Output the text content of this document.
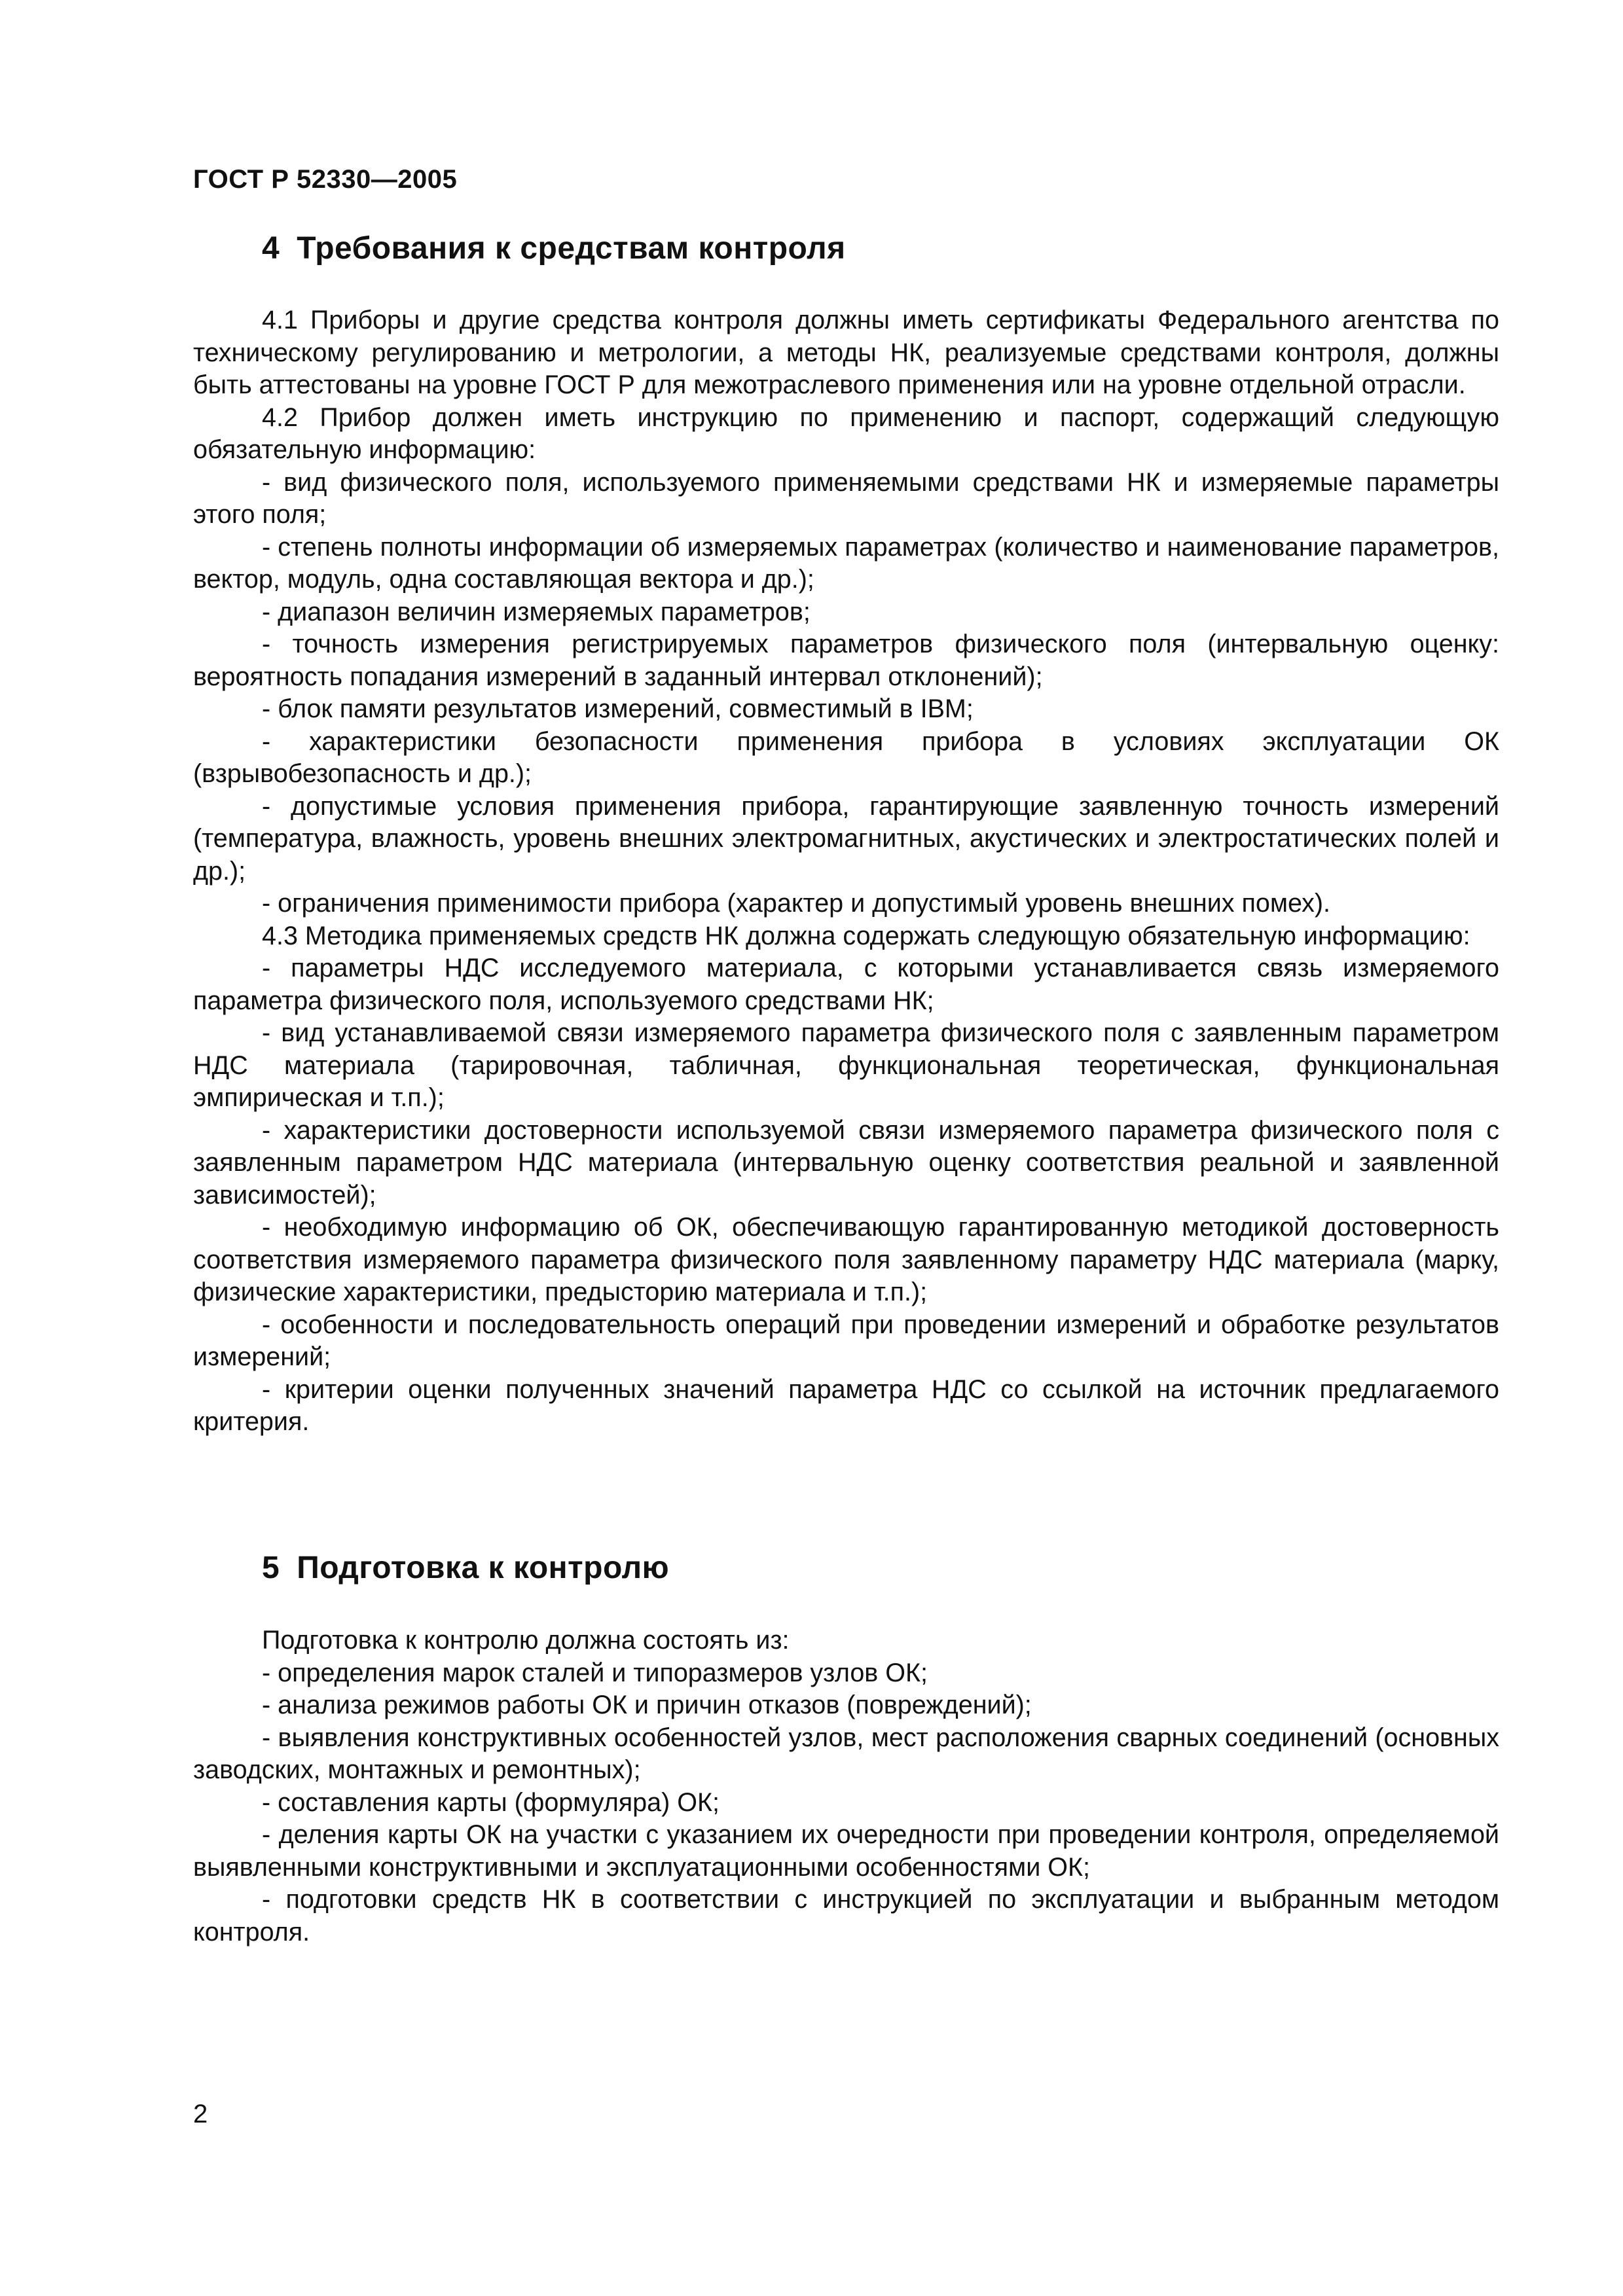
ГОСТ Р 52330—2005
4 Требования к средствам контроля

4.1 Приборы и другие средства контроля должны иметь сертификаты Федерального агентства по техническому регулированию и метрологии, а методы НК, реализуемые средствами контроля, должны быть аттестованы на уровне ГОСТ Р для межотраслевого применения или на уровне отдельной отрасли.

4.2 Прибор должен иметь инструкцию по применению и паспорт, содержащий следующую обязательную информацию:

- вид физического поля, используемого применяемыми средствами НК и измеряемые параметры этого поля;

- степень полноты информации об измеряемых параметрах (количество и наименование параметров, вектор, модуль, одна составляющая вектора и др.);

- диапазон величин измеряемых параметров;

- точность измерения регистрируемых параметров физического поля (интервальную оценку: вероятность попадания измерений в заданный интервал отклонений);

- блок памяти результатов измерений, совместимый в IBM;

- характеристики безопасности применения прибора в условиях эксплуатации ОК (взрывобезопасность и др.);

- допустимые условия применения прибора, гарантирующие заявленную точность измерений (температура, влажность, уровень внешних электромагнитных, акустических и электростатических полей и др.);

- ограничения применимости прибора (характер и допустимый уровень внешних помех).

4.3 Методика применяемых средств НК должна содержать следующую обязательную информацию:

- параметры НДС исследуемого материала, с которыми устанавливается связь измеряемого параметра физического поля, используемого средствами НК;

- вид устанавливаемой связи измеряемого параметра физического поля с заявленным параметром НДС материала (тарировочная, табличная, функциональная теоретическая, функциональная эмпирическая и т.п.);

- характеристики достоверности используемой связи измеряемого параметра физического поля с заявленным параметром НДС материала (интервальную оценку соответствия реальной и заявленной зависимостей);

- необходимую информацию об ОК, обеспечивающую гарантированную методикой достоверность соответствия измеряемого параметра физического поля заявленному параметру НДС материала (марку, физические характеристики, предысторию материала и т.п.);

- особенности и последовательность операций при проведении измерений и обработке результатов измерений;

- критерии оценки полученных значений параметра НДС со ссылкой на источник предлагаемого критерия.

5 Подготовка к контролю

Подготовка к контролю должна состоять из:

- определения марок сталей и типоразмеров узлов ОК;

- анализа режимов работы ОК и причин отказов (повреждений);

- выявления конструктивных особенностей узлов, мест расположения сварных соединений (основных заводских, монтажных и ремонтных);

- составления карты (формуляра) ОК;

- деления карты ОК на участки с указанием их очередности при проведении контроля, определяемой выявленными конструктивными и эксплуатационными особенностями ОК;

- подготовки средств НК в соответствии с инструкцией по эксплуатации и выбранным методом контроля.

2
